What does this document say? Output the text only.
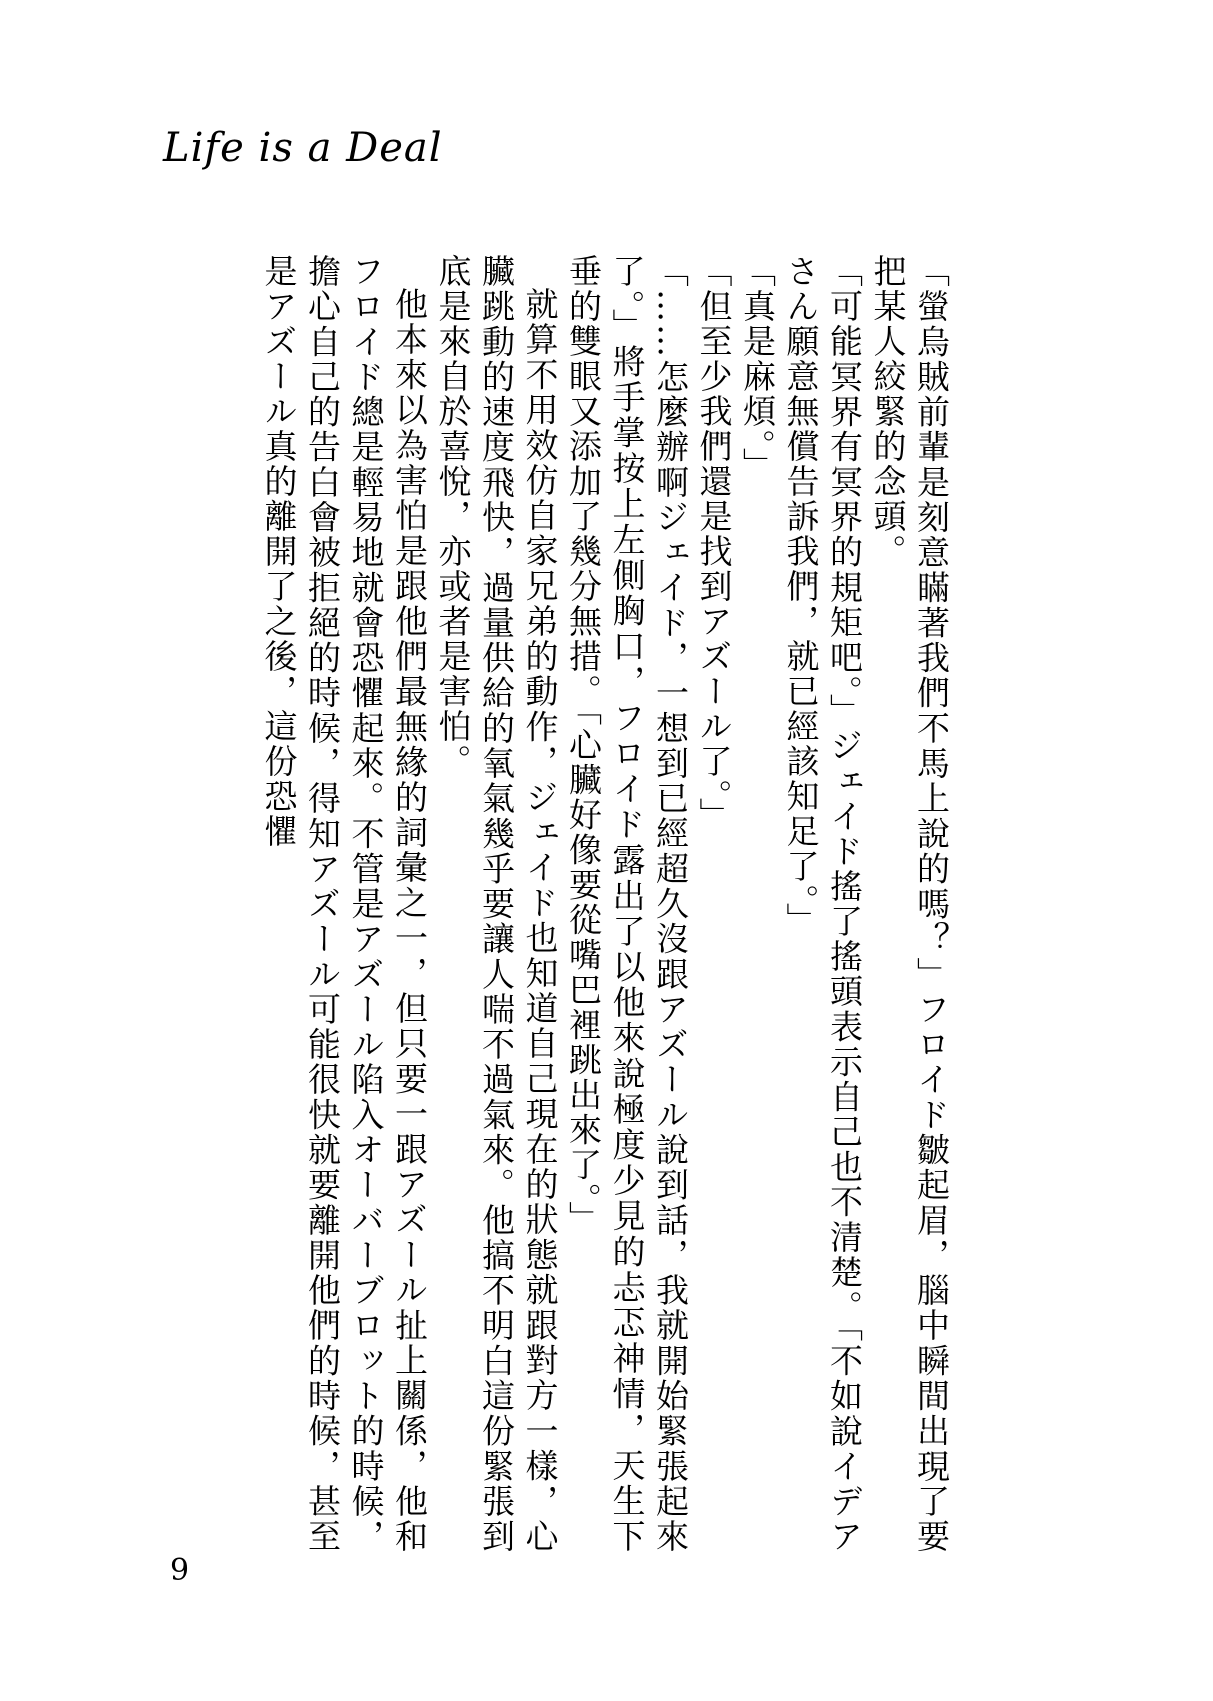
Life is a Deal

「螢烏賊前輩是刻意瞞著我們不馬上說的嗎？」フロイド皺起眉，腦中瞬間出現了要把某人絞緊的念頭。

「可能冥界有冥界的規矩吧。」ジェイド搖了搖頭表示自己也不清楚。「不如說イデアさん願意無償告訴我們，就已經該知足了。」

「真是麻煩。」

「但至少我們還是找到アズール了。」

「……怎麼辦啊ジェイド，一想到已經超久沒跟アズール說到話，我就開始緊張起來了。」將手掌按上左側胸口，フロイド露出了以他來說極度少見的忐忑神情，天生下垂的雙眼又添加了幾分無措。「心臟好像要從嘴巴裡跳出來了。」

就算不用效仿自家兄弟的動作，ジェイド也知道自己現在的狀態就跟對方一樣，心臟跳動的速度飛快，過量供給的氧氣幾乎要讓人喘不過氣來。他搞不明白這份緊張到底是來自於喜悅，亦或者是害怕。

他本來以為害怕是跟他們最無緣的詞彙之一，但只要一跟アズール扯上關係，他和フロイド總是輕易地就會恐懼起來。不管是アズール陷入オーバーブロット的時候，擔心自己的告白會被拒絕的時候，得知アズール可能很快就要離開他們的時候，甚至是アズール真的離開了之後，這份恐懼

9
